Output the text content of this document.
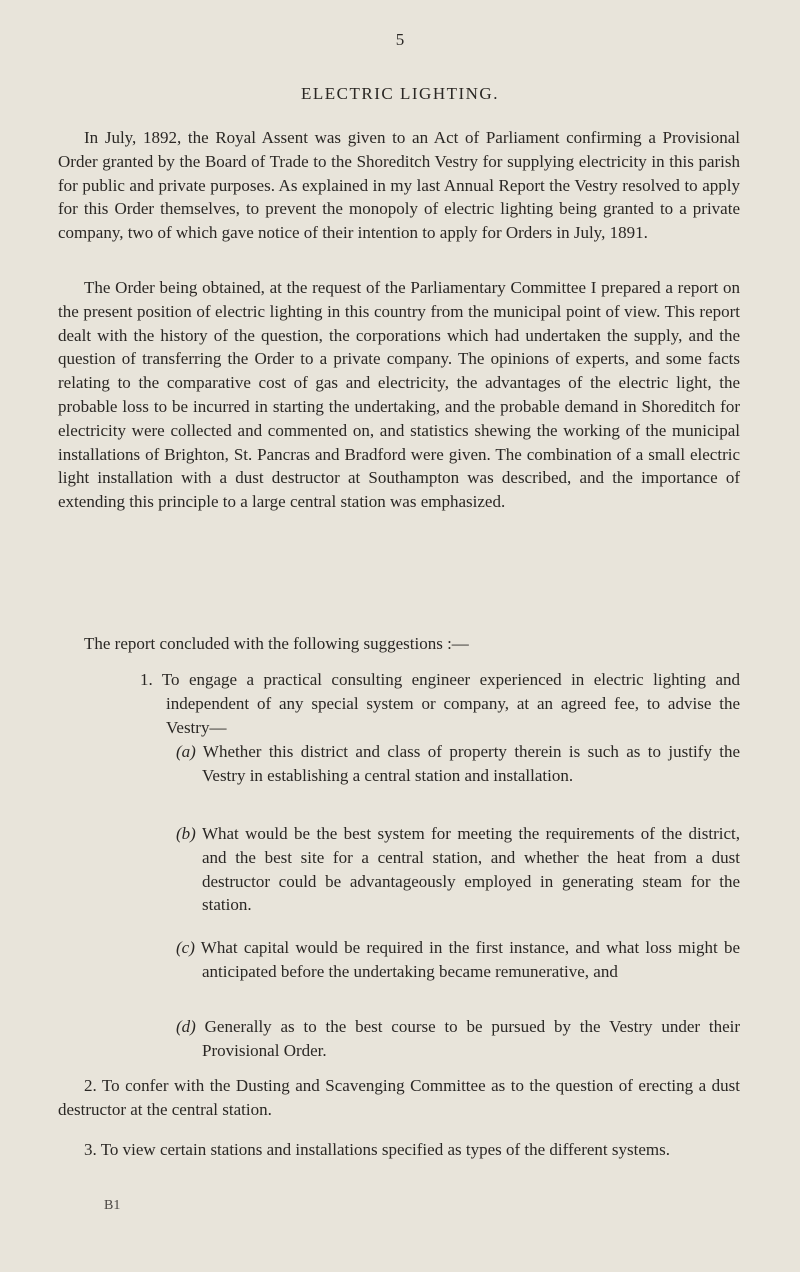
5
ELECTRIC LIGHTING.

In July, 1892, the Royal Assent was given to an Act of Parliament confirming a Provisional Order granted by the Board of Trade to the Shoreditch Vestry for supplying electricity in this parish for public and private purposes. As explained in my last Annual Report the Vestry resolved to apply for this Order themselves, to prevent the monopoly of electric lighting being granted to a private company, two of which gave notice of their intention to apply for Orders in July, 1891.

The Order being obtained, at the request of the Parliamentary Committee I prepared a report on the present position of electric lighting in this country from the municipal point of view. This report dealt with the history of the question, the corporations which had undertaken the supply, and the question of transferring the Order to a private company. The opinions of experts, and some facts relating to the comparative cost of gas and electricity, the advantages of the electric light, the probable loss to be incurred in starting the undertaking, and the probable demand in Shoreditch for electricity were collected and commented on, and statistics shewing the working of the municipal installations of Brighton, St. Pancras and Bradford were given. The combination of a small electric light installation with a dust destructor at Southampton was described, and the importance of extending this principle to a large central station was emphasized.

The report concluded with the following suggestions :—

1. To engage a practical consulting engineer experienced in electric lighting and independent of any special system or company, at an agreed fee, to advise the Vestry—

(a) Whether this district and class of property therein is such as to justify the Vestry in establishing a central station and installation.

(b) What would be the best system for meeting the requirements of the district, and the best site for a central station, and whether the heat from a dust destructor could be advantageously employed in generating steam for the station.

(c) What capital would be required in the first instance, and what loss might be anticipated before the undertaking became remunerative, and

(d) Generally as to the best course to be pursued by the Vestry under their Provisional Order.

2. To confer with the Dusting and Scavenging Committee as to the question of erecting a dust destructor at the central station.

3. To view certain stations and installations specified as types of the different systems.

B1
